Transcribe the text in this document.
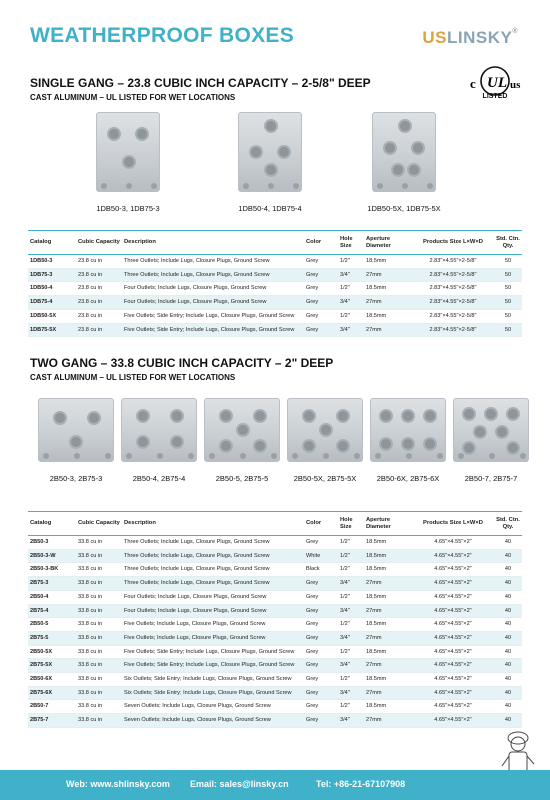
WEATHERPROOF BOXES	USLINSKY®
c UL us
LISTED
SINGLE GANG – 23.8 CUBIC INCH CAPACITY – 2-5/8" DEEP
CAST ALUMINUM – UL LISTED FOR WET LOCATIONS
1DB50-3, 1DB75-3	1DB50-4, 1DB75-4	1DB50-5X, 1DB75-5X
Catalog	Cubic Capacity	Description	Color	Hole Size	Aperture Diameter	Products Size L×W×D	Std. Ctn. Qty.
1DB50-3	23.8 cu in	Three Outlets; Include Lugs, Closure Plugs, Ground Screw	Grey	1/2"	18.5mm	2.83"×4.55"×2-5/8"	50
1DB75-3	23.8 cu in	Three Outlets; Include Lugs, Closure Plugs, Ground Screw	Grey	3/4"	27mm	2.83"×4.55"×2-5/8"	50
1DB50-4	23.8 cu in	Four Outlets; Include Lugs, Closure Plugs, Ground Screw	Grey	1/2"	18.5mm	2.83"×4.55"×2-5/8"	50
1DB75-4	23.8 cu in	Four Outlets; Include Lugs, Closure Plugs, Ground Screw	Grey	3/4"	27mm	2.83"×4.55"×2-5/8"	50
1DB50-5X	23.8 cu in	Five Outlets; Side Entry; Include Lugs, Closure Plugs, Ground Screw	Grey	1/2"	18.5mm	2.83"×4.55"×2-5/8"	50
1DB75-5X	23.8 cu in	Five Outlets; Side Entry; Include Lugs, Closure Plugs, Ground Screw	Grey	3/4"	27mm	2.83"×4.55"×2-5/8"	50
TWO GANG – 33.8 CUBIC INCH CAPACITY – 2" DEEP
CAST ALUMINUM – UL LISTED FOR WET LOCATIONS
2B50-3, 2B75-3	2B50-4, 2B75-4	2B50-5, 2B75-5	2B50-5X, 2B75-5X	2B50-6X, 2B75-6X	2B50-7, 2B75-7
Catalog	Cubic Capacity	Description	Color	Hole Size	Aperture Diameter	Products Size L×W×D	Std. Ctn. Qty.
2B50-3	33.8 cu in	Three Outlets; Include Lugs, Closure Plugs, Ground Screw	Grey	1/2"	18.5mm	4.65"×4.55"×2"	40
2B50-3-W	33.8 cu in	Three Outlets; Include Lugs, Closure Plugs, Ground Screw	White	1/2"	18.5mm	4.65"×4.55"×2"	40
2B50-3-BK	33.8 cu in	Three Outlets; Include Lugs, Closure Plugs, Ground Screw	Black	1/2"	18.5mm	4.65"×4.55"×2"	40
2B75-3	33.8 cu in	Three Outlets; Include Lugs, Closure Plugs, Ground Screw	Grey	3/4"	27mm	4.65"×4.55"×2"	40
2B50-4	33.8 cu in	Four Outlets; Include Lugs, Closure Plugs, Ground Screw	Grey	1/2"	18.5mm	4.65"×4.55"×2"	40
2B75-4	33.8 cu in	Four Outlets; Include Lugs, Closure Plugs, Ground Screw	Grey	3/4"	27mm	4.65"×4.55"×2"	40
2B50-5	33.8 cu in	Five Outlets; Include Lugs, Closure Plugs, Ground Screw	Grey	1/2"	18.5mm	4.65"×4.55"×2"	40
2B75-5	33.8 cu in	Five Outlets; Include Lugs, Closure Plugs, Ground Screw	Grey	3/4"	27mm	4.65"×4.55"×2"	40
2B50-5X	33.8 cu in	Five Outlets; Side Entry; Include Lugs, Closure Plugs, Ground Screw	Grey	1/2"	18.5mm	4.65"×4.55"×2"	40
2B75-5X	33.8 cu in	Five Outlets; Side Entry; Include Lugs, Closure Plugs, Ground Screw	Grey	3/4"	27mm	4.65"×4.55"×2"	40
2B50-6X	33.8 cu in	Six Outlets; Side Entry; Include Lugs, Closure Plugs, Ground Screw	Grey	1/2"	18.5mm	4.65"×4.55"×2"	40
2B75-6X	33.8 cu in	Six Outlets; Side Entry; Include Lugs, Closure Plugs, Ground Screw	Grey	3/4"	27mm	4.65"×4.55"×2"	40
2B50-7	33.8 cu in	Seven Outlets; Include Lugs, Closure Plugs, Ground Screw	Grey	1/2"	18.5mm	4.65"×4.55"×2"	40
2B75-7	33.8 cu in	Seven Outlets; Include Lugs, Closure Plugs, Ground Screw	Grey	3/4"	27mm	4.65"×4.55"×2"	40
Web: www.shlinsky.com Email: sales@linsky.cn	Tel: +86-21-67107908
